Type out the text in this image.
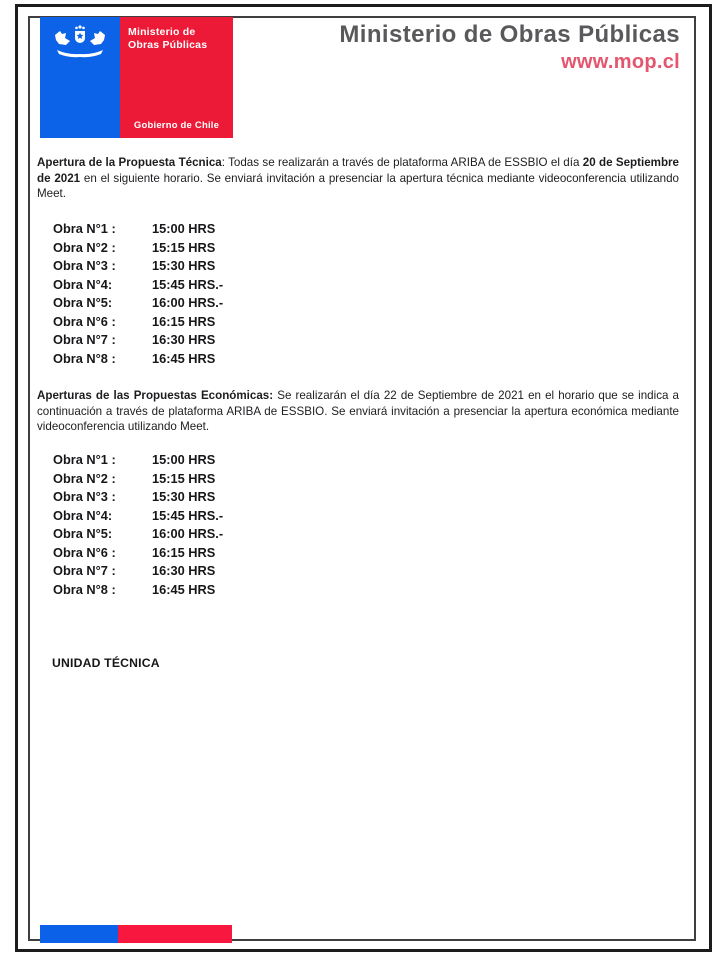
Ministerio de
Obras Públicas
Gobierno de Chile
Ministerio de Obras Públicas
www.mop.cl

Apertura de la Propuesta Técnica: Todas se realizarán a través de plataforma ARIBA de ESSBIO el día 20 de Septiembre de 2021 en el siguiente horario. Se enviará invitación a presenciar la apertura técnica mediante videoconferencia utilizando Meet.

Obra N°1 :	15:00 HRS
Obra N°2 :	15:15 HRS
Obra N°3 :	15:30 HRS
Obra N°4:	15:45 HRS.-
Obra N°5:	16:00 HRS.-
Obra N°6 :	16:15 HRS
Obra N°7 :	16:30 HRS
Obra N°8 :	16:45 HRS

Aperturas de las Propuestas Económicas: Se realizarán el día 22 de Septiembre de 2021 en el horario que se indica a continuación a través de plataforma ARIBA de ESSBIO. Se enviará invitación a presenciar la apertura económica mediante videoconferencia utilizando Meet.

Obra N°1 :	15:00 HRS
Obra N°2 :	15:15 HRS
Obra N°3 :	15:30 HRS
Obra N°4:	15:45 HRS.-
Obra N°5:	16:00 HRS.-
Obra N°6 :	16:15 HRS
Obra N°7 :	16:30 HRS
Obra N°8 :	16:45 HRS
UNIDAD TÉCNICA
